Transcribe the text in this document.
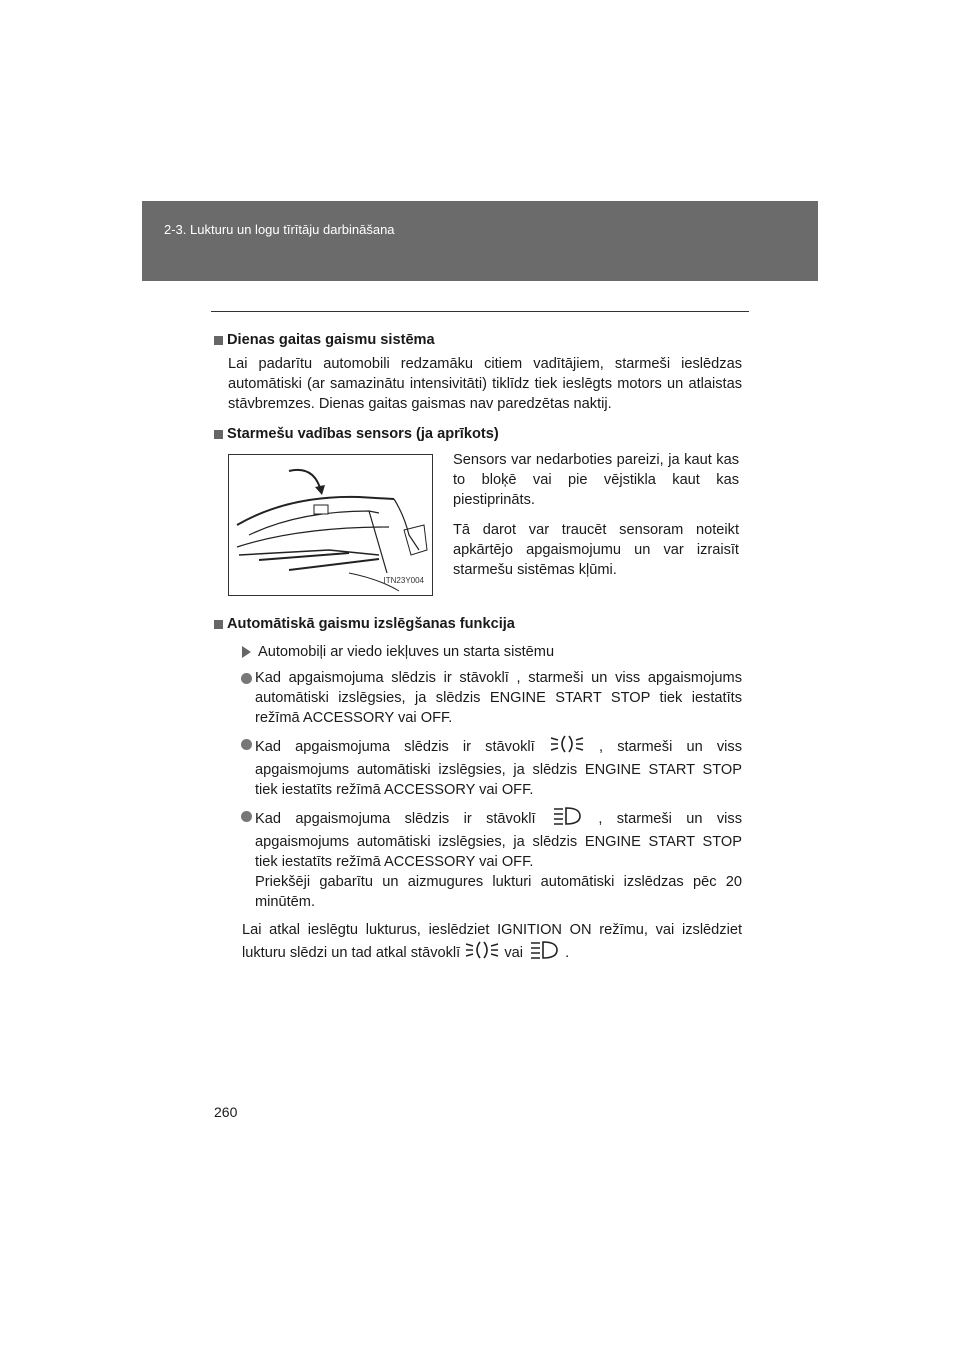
2-3. Lukturu un logu tīrītāju darbināšana
Dienas gaitas gaismu sistēma
Lai padarītu automobili redzamāku citiem vadītājiem, starmeši ieslēdzas automātiski (ar samazinātu intensivitāti) tiklīdz tiek ieslēgts motors un atlaistas stāvbremzes. Dienas gaitas gaismas nav paredzētas naktij.
Starmešu vadības sensors (ja aprīkots)
ITN23Y004

Sensors var nedarboties pareizi, ja kaut kas to bloķē vai pie vējstikla kaut kas piestiprināts.

Tā darot var traucēt sensoram noteikt apkārtējo apgaismojumu un var izraisīt starmešu sistēmas kļūmi.

Automātiskā gaismu izslēgšanas funkcija
Automobiļi ar viedo iekļuves un starta sistēmu
Kad apgaismojuma slēdzis ir stāvoklī , starmeši un viss apgaismojums automātiski izslēgsies, ja slēdzis ENGINE START STOP tiek iestatīts režīmā ACCESSORY vai OFF.
Kad apgaismojuma slēdzis ir stāvoklī	, starmeši un viss apgaismojums automātiski izslēgsies, ja slēdzis ENGINE START STOP tiek iestatīts režīmā ACCESSORY vai OFF.
Kad apgaismojuma slēdzis ir stāvoklī	, starmeši un viss apgaismojums automātiski izslēgsies, ja slēdzis ENGINE START STOP tiek iestatīts režīmā ACCESSORY vai OFF.
Priekšēji gabarītu un aizmugures lukturi automātiski izslēdzas pēc 20 minūtēm.
Lai atkal ieslēgtu lukturus, ieslēdziet IGNITION ON režīmu, vai izslēdziet lukturu slēdzi un tad atkal stāvoklī	vai	.
260
